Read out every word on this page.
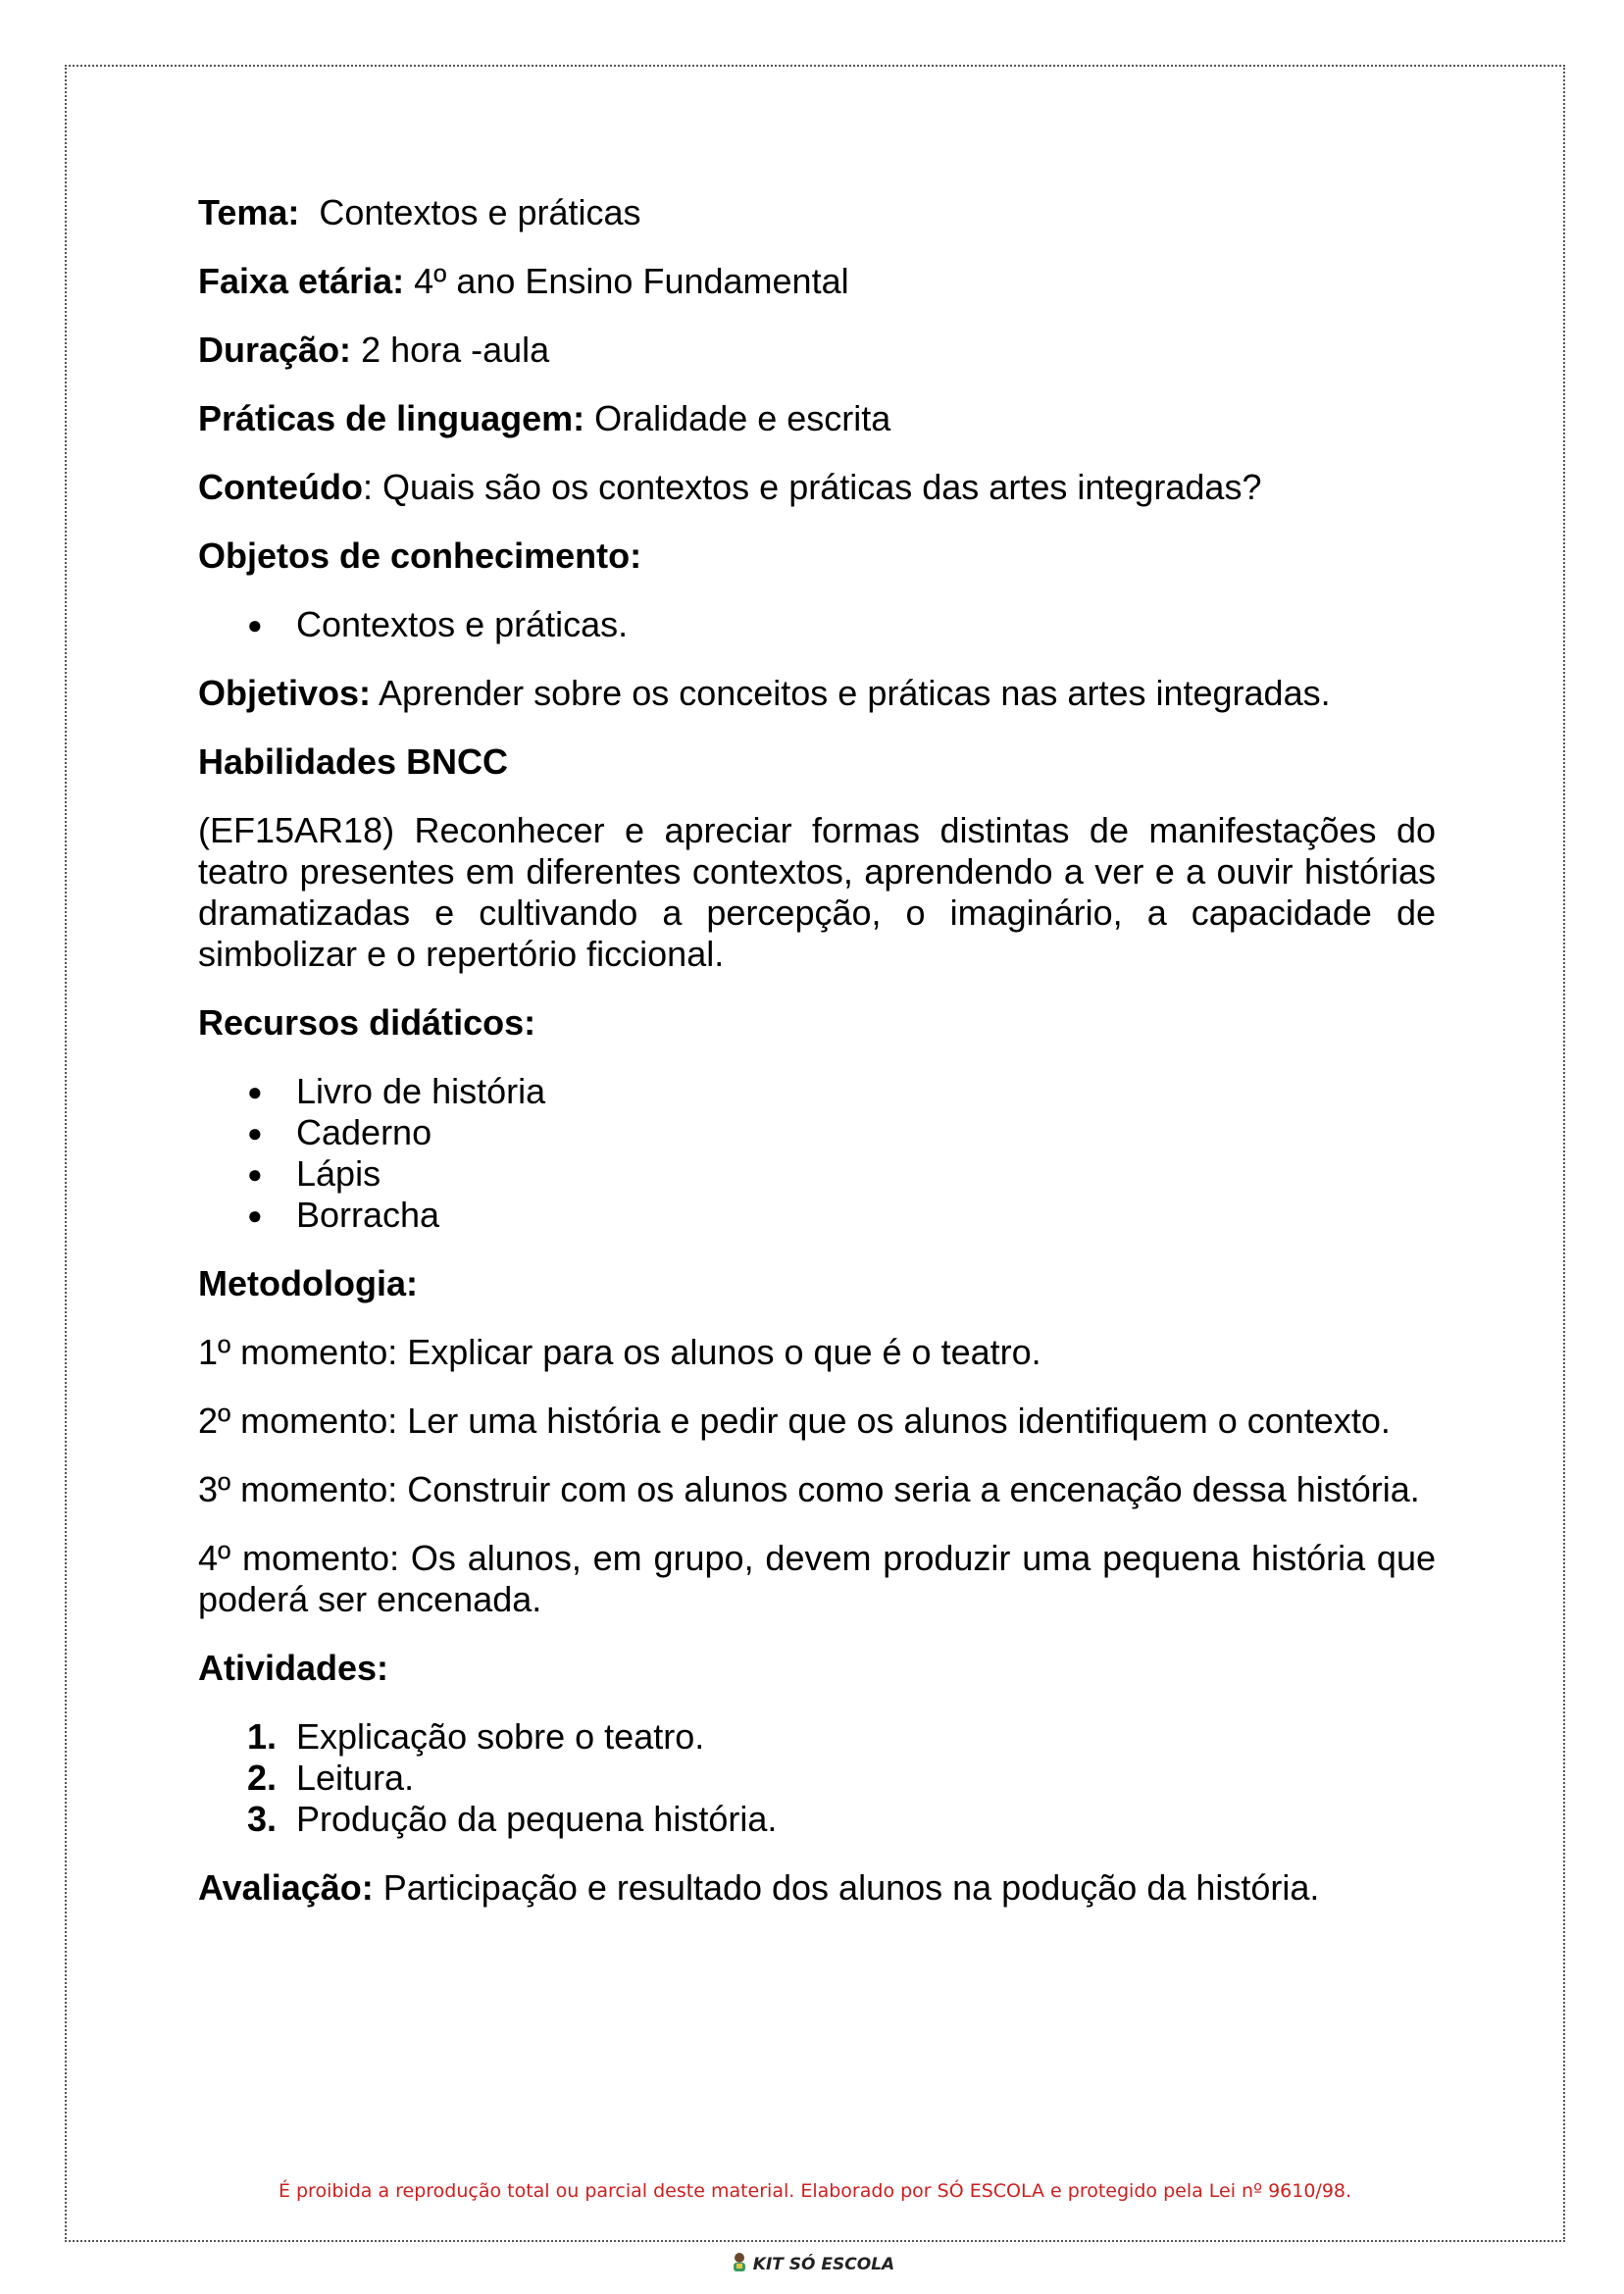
Tema: Contextos e práticas

Faixa etária: 4º ano Ensino Fundamental

Duração: 2 hora -aula

Práticas de linguagem: Oralidade e escrita

Conteúdo: Quais são os contextos e práticas das artes integradas?

Objetos de conhecimento:

● Contextos e práticas.

Objetivos: Aprender sobre os conceitos e práticas nas artes integradas.

Habilidades BNCC

(EF15AR18) Reconhecer e apreciar formas distintas de manifestações do teatro presentes em diferentes contextos, aprendendo a ver e a ouvir histórias dramatizadas e cultivando a percepção, o imaginário, a capacidade de simbolizar e o repertório ficcional.

Recursos didáticos:

● Livro de história
● Caderno
● Lápis
● Borracha

Metodologia:

1º momento: Explicar para os alunos o que é o teatro.

2º momento: Ler uma história e pedir que os alunos identifiquem o contexto.

3º momento: Construir com os alunos como seria a encenação dessa história.

4º momento: Os alunos, em grupo, devem produzir uma pequena história que poderá ser encenada.

Atividades:

1. Explicação sobre o teatro.
2. Leitura.
3. Produção da pequena história.

Avaliação: Participação e resultado dos alunos na podução da história.

É proibida a reprodução total ou parcial deste material. Elaborado por SÓ ESCOLA e protegido pela Lei nº 9610/98.
KIT SÓ ESCOLA
